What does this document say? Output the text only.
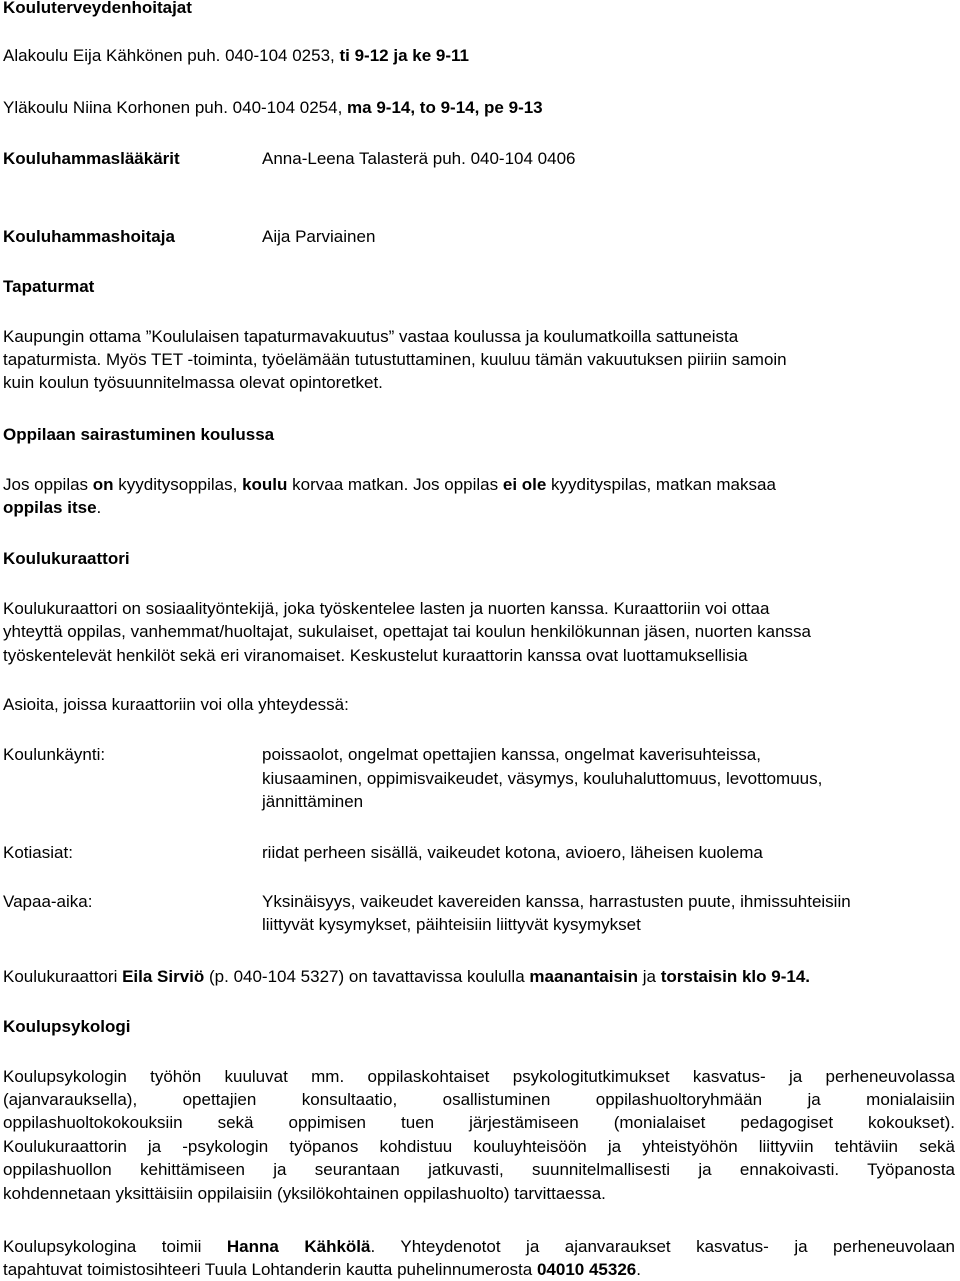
Kouluterveydenhoitajat
Alakoulu Eija Kähkönen puh. 040-104 0253, ti 9-12 ja ke 9-11
Yläkoulu Niina Korhonen puh. 040-104 0254, ma 9-14, to 9-14, pe 9-13
Kouluhammaslääkärit	Anna-Leena Talasterä puh. 040-104 0406
Kouluhammashoitaja	Aija Parviainen
Tapaturmat
Kaupungin ottama ”Koululaisen tapaturmavakuutus” vastaa koulussa ja koulumatkoilla sattuneista
tapaturmista. Myös TET -toiminta, työelämään tutustuttaminen, kuuluu tämän vakuutuksen piiriin samoin
kuin koulun työsuunnitelmassa olevat opintoretket.
Oppilaan sairastuminen koulussa
Jos oppilas on kyyditysoppilas, koulu korvaa matkan. Jos oppilas ei ole kyydityspilas, matkan maksaa
oppilas itse.
Koulukuraattori
Koulukuraattori on sosiaalityöntekijä, joka työskentelee lasten ja nuorten kanssa. Kuraattoriin voi ottaa
yhteyttä oppilas, vanhemmat/huoltajat, sukulaiset, opettajat tai koulun henkilökunnan jäsen, nuorten kanssa
työskentelevät henkilöt sekä eri viranomaiset. Keskustelut kuraattorin kanssa ovat luottamuksellisia
Asioita, joissa kuraattoriin voi olla yhteydessä:
Koulunkäynti:	poissaolot, ongelmat opettajien kanssa, ongelmat kaverisuhteissa,
kiusaaminen, oppimisvaikeudet, väsymys, kouluhaluttomuus, levottomuus,
jännittäminen
Kotiasiat:	riidat perheen sisällä, vaikeudet kotona, avioero, läheisen kuolema
Vapaa-aika:	Yksinäisyys, vaikeudet kavereiden kanssa, harrastusten puute, ihmissuhteisiin
liittyvät kysymykset, päihteisiin liittyvät kysymykset
Koulukuraattori Eila Sirviö (p. 040-104 5327) on tavattavissa koululla maanantaisin ja torstaisin klo 9-14.
Koulupsykologi
Koulupsykologin työhön kuuluvat mm. oppilaskohtaiset psykologitutkimukset kasvatus- ja perheneuvolassa
(ajanvarauksella), opettajien konsultaatio, osallistuminen oppilashuoltoryhmään ja monialaisiin
oppilashuoltokokouksiin sekä oppimisen tuen järjestämiseen (monialaiset pedagogiset kokoukset).
Koulukuraattorin ja -psykologin työpanos kohdistuu kouluyhteisöön ja yhteistyöhön liittyviin tehtäviin sekä
oppilashuollon kehittämiseen ja seurantaan jatkuvasti, suunnitelmallisesti ja ennakoivasti. Työpanosta
kohdennetaan yksittäisiin oppilaisiin (yksilökohtainen oppilashuolto) tarvittaessa.
Koulupsykologina toimii Hanna Kähkölä. Yhteydenotot ja ajanvaraukset kasvatus- ja perheneuvolaan
tapahtuvat toimistosihteeri Tuula Lohtanderin kautta puhelinnumerosta 04010 45326.
